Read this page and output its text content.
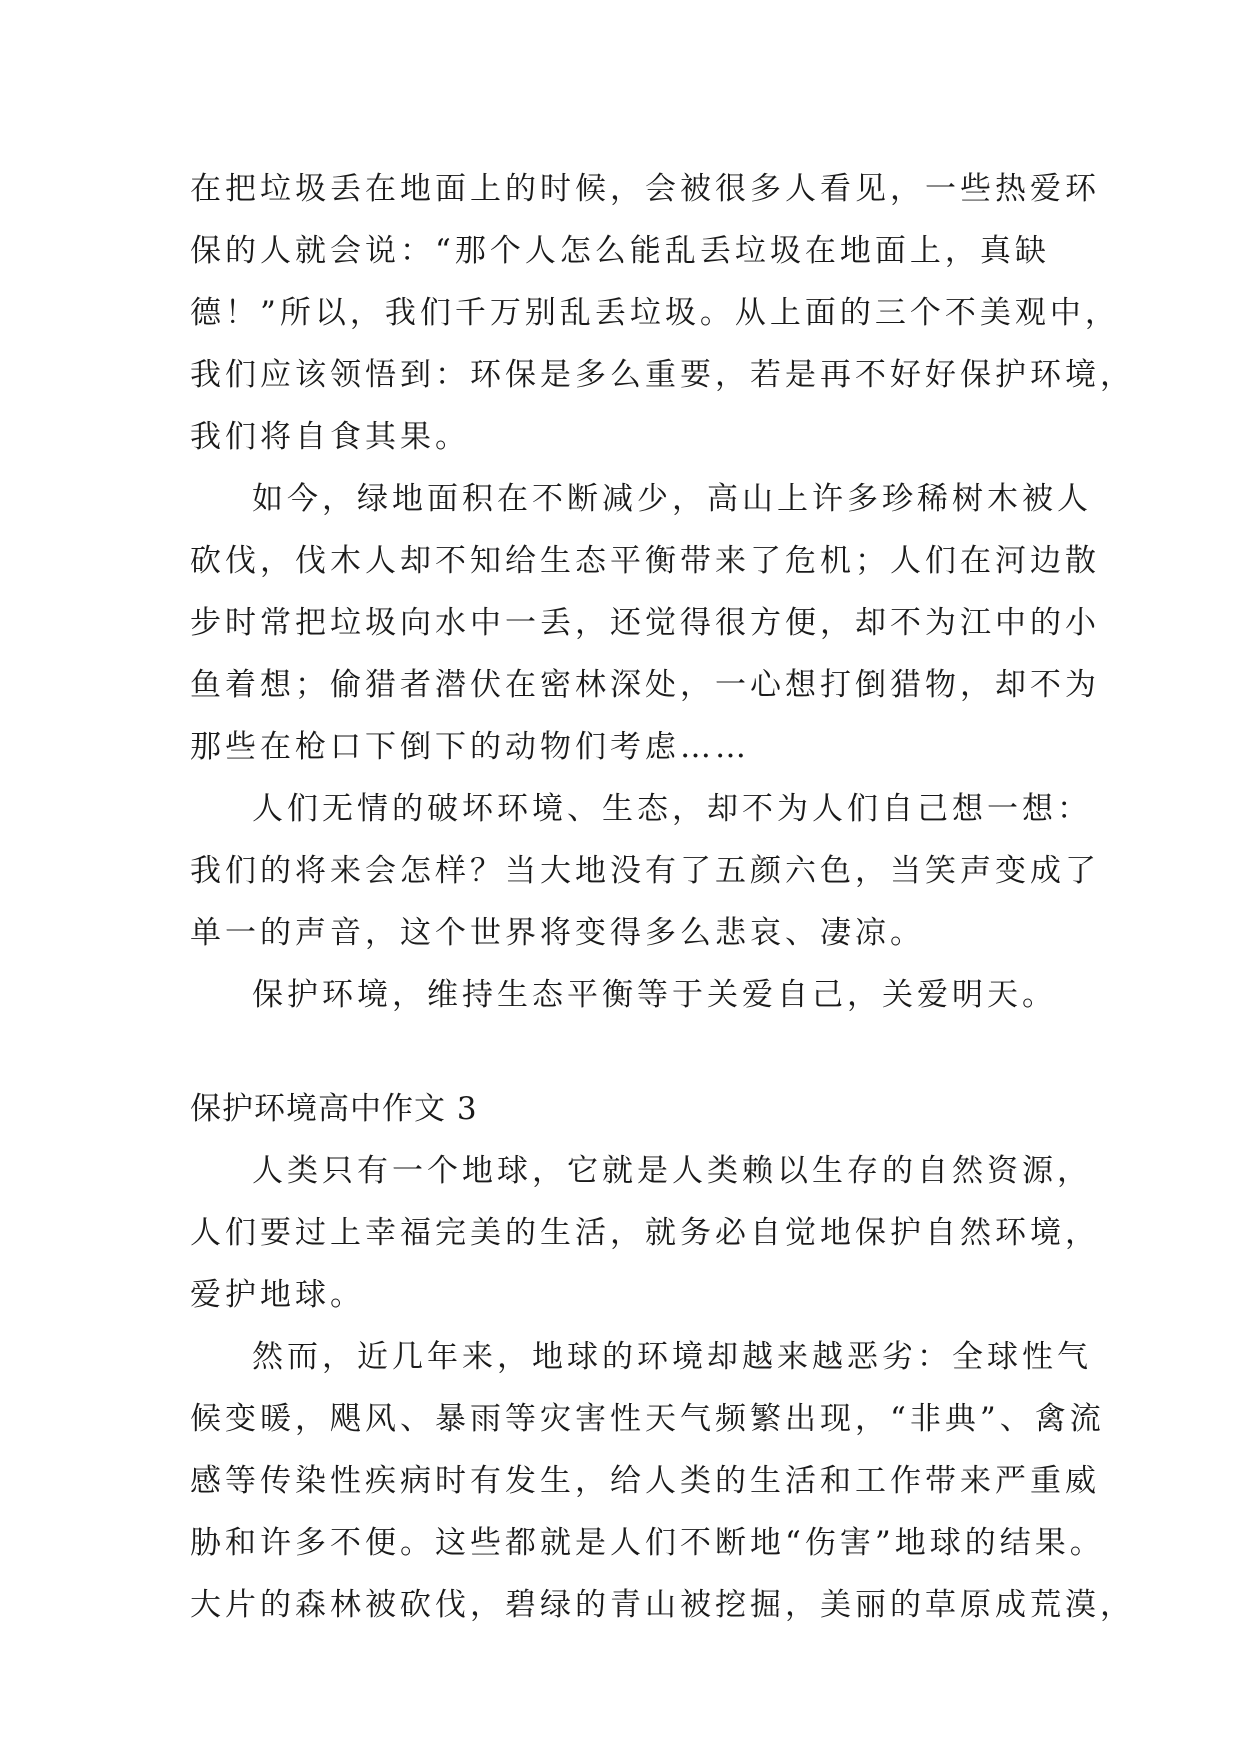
在把垃圾丢在地面上的时候，会被很多人看见，一些热爱环
保的人就会说：“那个人怎么能乱丢垃圾在地面上，真缺
德！”所以，我们千万别乱丢垃圾。从上面的三个不美观中，
我们应该领悟到：环保是多么重要，若是再不好好保护环境，
我们将自食其果。
如今，绿地面积在不断减少，高山上许多珍稀树木被人
砍伐，伐木人却不知给生态平衡带来了危机；人们在河边散
步时常把垃圾向水中一丢，还觉得很方便，却不为江中的小
鱼着想；偷猎者潜伏在密林深处，一心想打倒猎物，却不为
那些在枪口下倒下的动物们考虑……
人们无情的破坏环境、生态，却不为人们自己想一想：
我们的将来会怎样？当大地没有了五颜六色，当笑声变成了
单一的声音，这个世界将变得多么悲哀、凄凉。
保护环境，维持生态平衡等于关爱自己，关爱明天。
保护环境高中作文 3
人类只有一个地球，它就是人类赖以生存的自然资源，
人们要过上幸福完美的生活，就务必自觉地保护自然环境，
爱护地球。
然而，近几年来，地球的环境却越来越恶劣：全球性气
候变暖，飓风、暴雨等灾害性天气频繁出现，“非典”、禽流
感等传染性疾病时有发生，给人类的生活和工作带来严重威
胁和许多不便。这些都就是人们不断地“伤害”地球的结果。
大片的森林被砍伐，碧绿的青山被挖掘，美丽的草原成荒漠，
